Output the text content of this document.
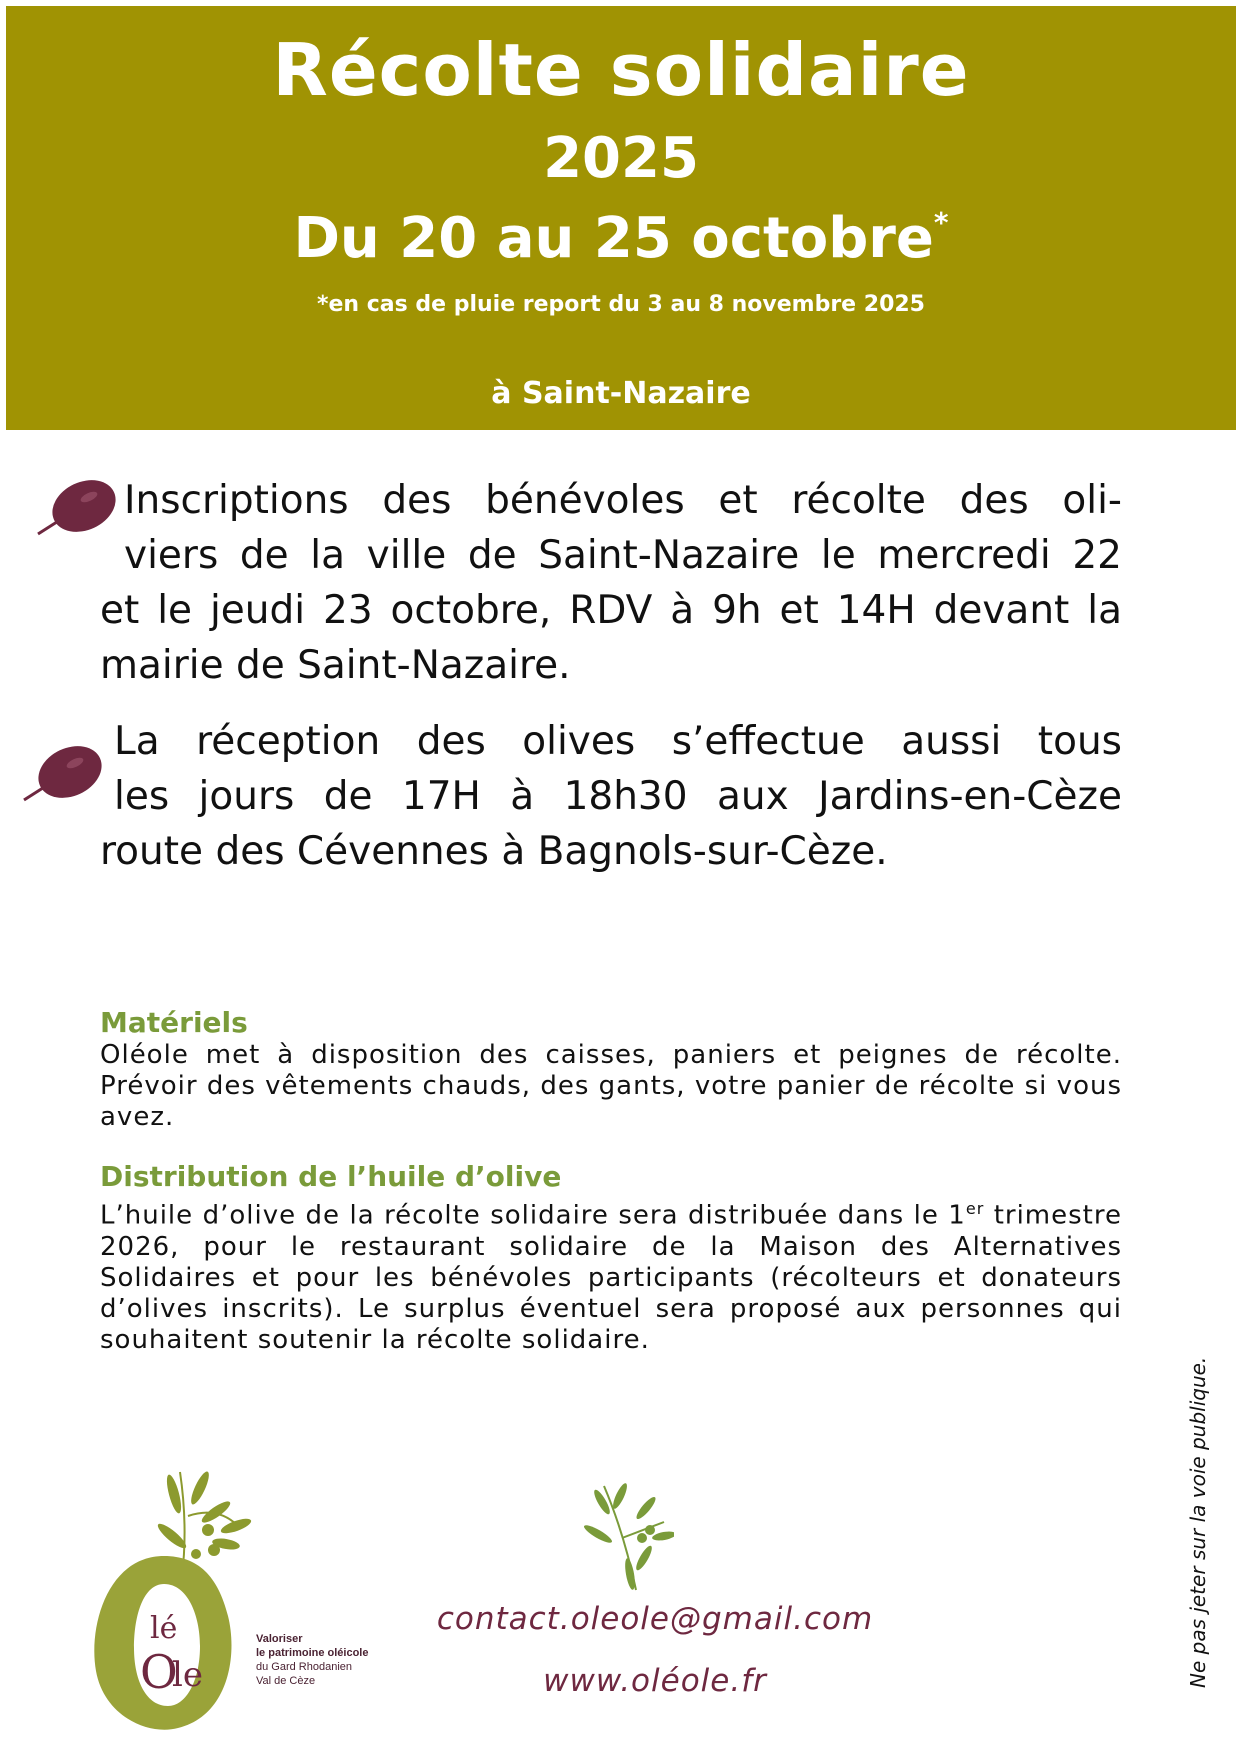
Récolte solidaire
2025
Du 20 au 25 octobre*
*en cas de pluie report du 3 au 8 novembre 2025
à Saint-Nazaire
Inscriptions des bénévoles et récolte des oli-
viers de la ville de Saint-Nazaire le mercredi 22
et le jeudi 23 octobre, RDV à 9h et 14H devant la mairie de Saint-Nazaire.
La réception des olives s’effectue aussi tous
les jours de 17H à 18h30 aux Jardins-en-Cèze
route des Cévennes à Bagnols-sur-Cèze.
Matériels
Oléole met à disposition des caisses, paniers et peignes de récolte. Prévoir des vêtements chauds, des gants, votre panier de récolte si vous avez.
Distribution de l’huile d’olive
L’huile d’olive de la récolte solidaire sera distribuée dans le 1er trimestre 2026, pour le restaurant solidaire de la Maison des Alternatives Solidaires et pour les bénévoles participants (récolteurs et donateurs d’olives inscrits). Le surplus éventuel sera proposé aux personnes qui souhaitent soutenir la récolte solidaire.
Ne pas jeter sur la voie publique.
lé
O
le
Valoriser
le patrimoine oléicole
du Gard Rhodanien
Val de Cèze
contact.oleole@gmail.com
www.oléole.fr
